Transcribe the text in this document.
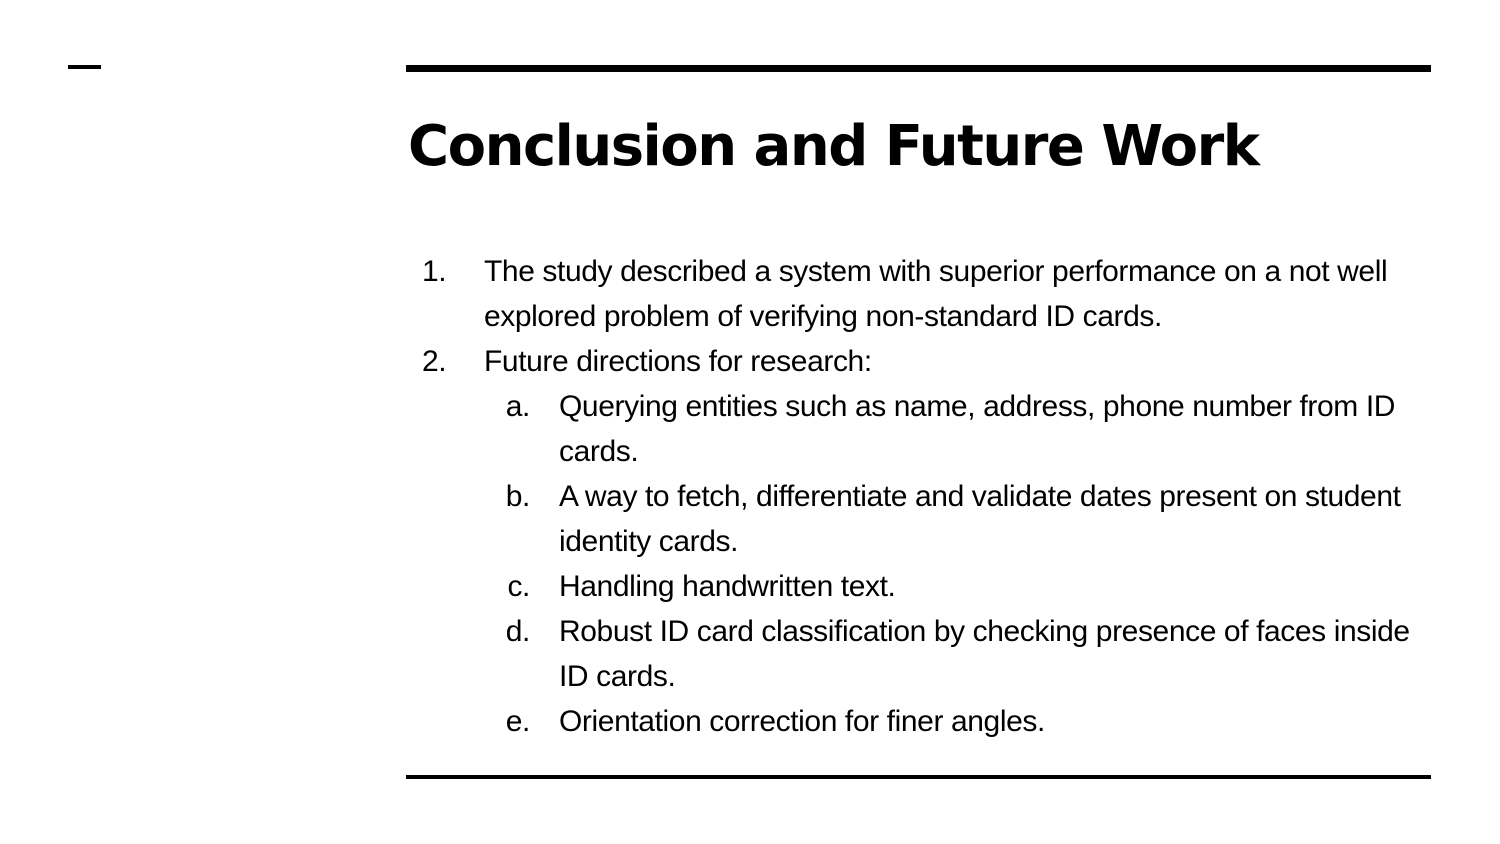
Conclusion and Future Work
1.	The study described a system with superior performance on a not well explored problem of verifying non-standard ID cards.
2.	Future directions for research:
a. Querying entities such as name, address, phone number from ID cards.
b. A way to fetch, differentiate and validate dates present on student identity cards.
c. Handling handwritten text.
d. Robust ID card classification by checking presence of faces inside ID cards.
e. Orientation correction for finer angles.
